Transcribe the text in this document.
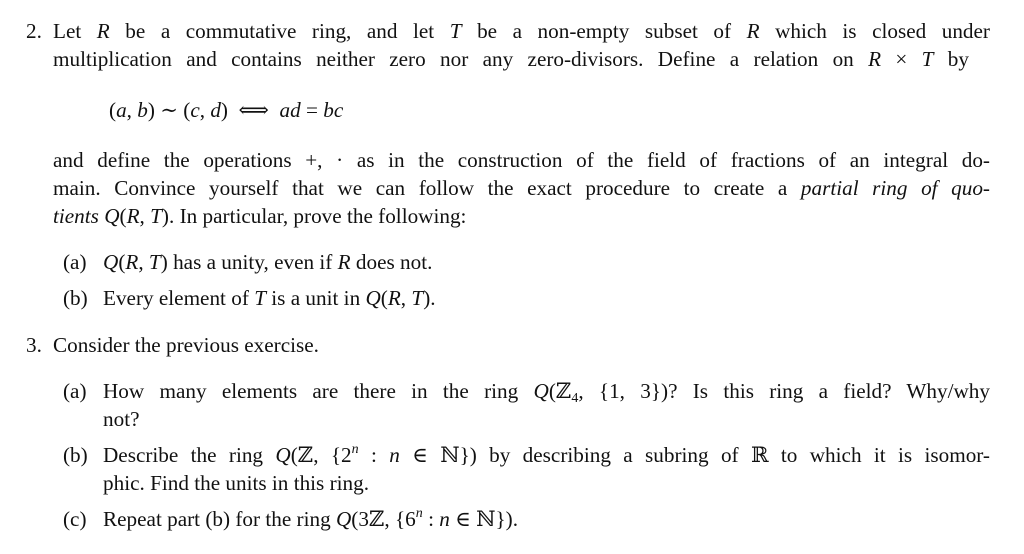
2. Let R be a commutative ring, and let T be a non-empty subset of R which is closed under
multiplication and contains neither zero nor any zero-divisors. Define a relation on R × T by
(a, b) ∼ (c, d)  ⟺  ad = bc
and define the operations +, · as in the construction of the field of fractions of an integral do-
main. Convince yourself that we can follow the exact procedure to create a partial ring of quo-
tients Q(R, T). In particular, prove the following:
(a) Q(R, T) has a unity, even if R does not.
(b) Every element of T is a unit in Q(R, T).
3. Consider the previous exercise.
(a) How many elements are there in the ring Q(ℤ$_4$, {1, 3})? Is this ring a field? Why/why
not?
(b) Describe the ring Q(ℤ, {2$^n$ : n ∈ ℕ}) by describing a subring of ℝ to which it is isomor-
phic. Find the units in this ring.
(c) Repeat part (b) for the ring Q(3ℤ, {6$^n$ : n ∈ ℕ}).
